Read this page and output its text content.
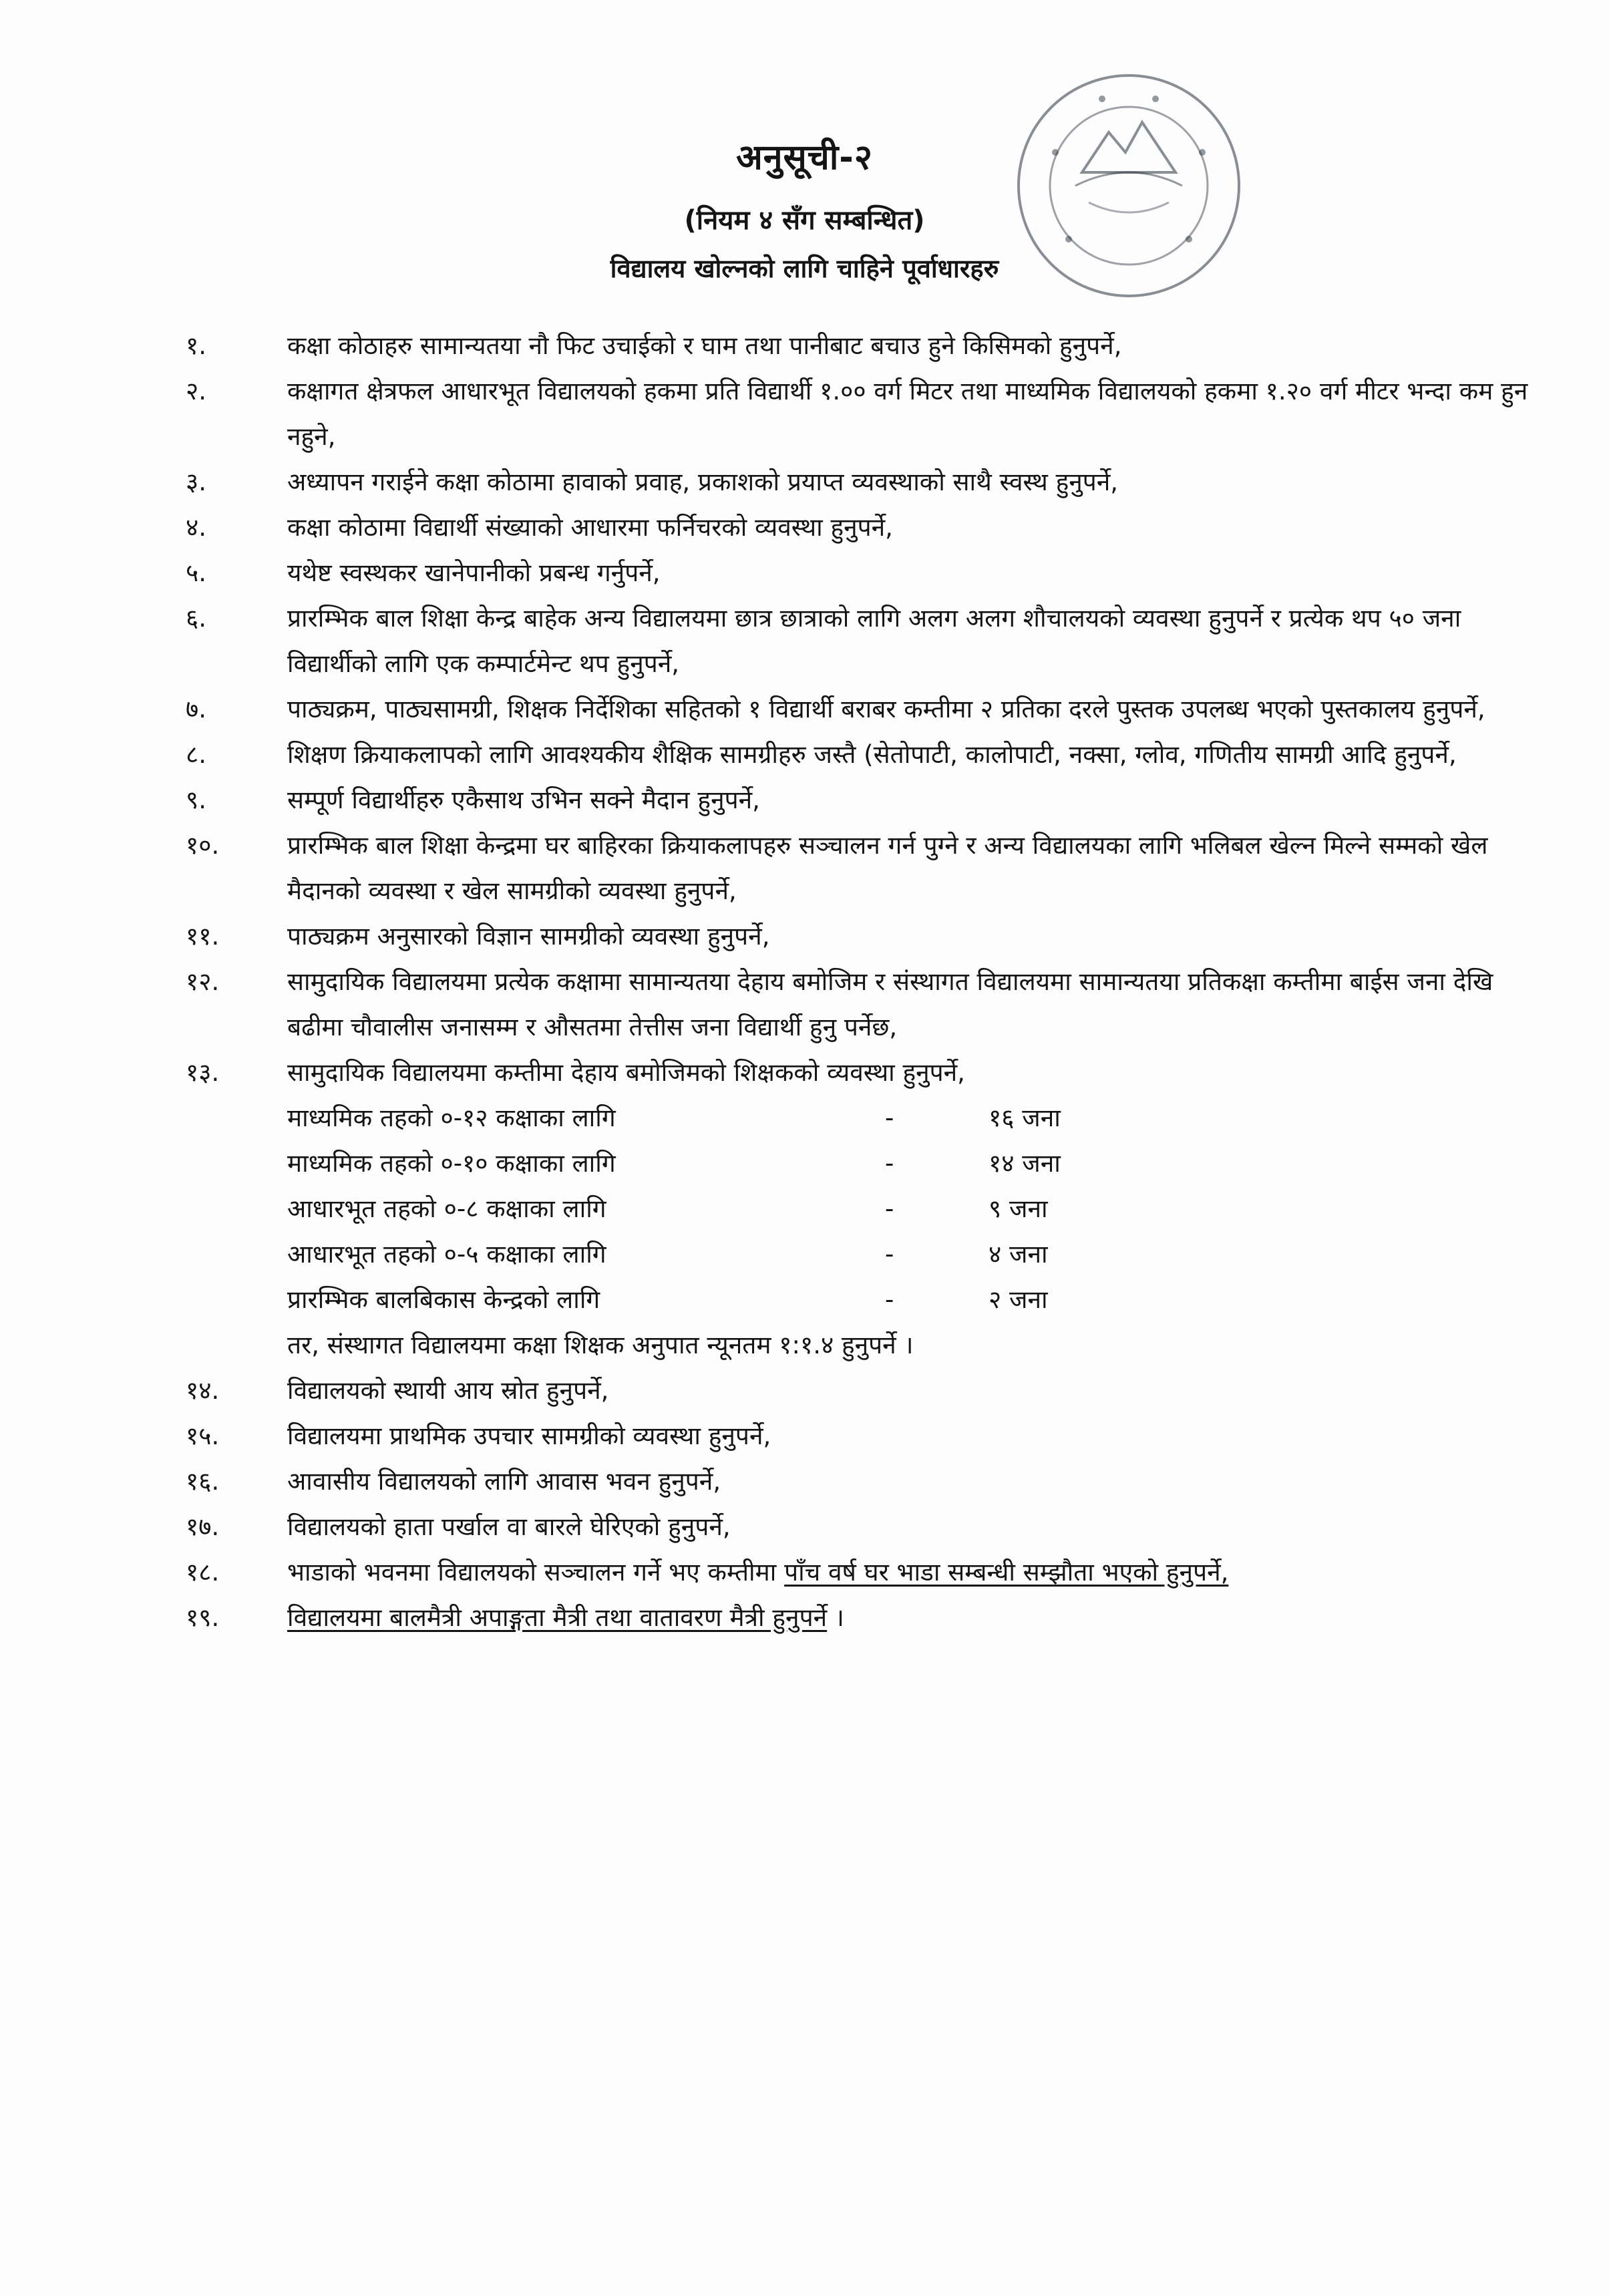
अनुसूची-२
(नियम ४ सँग सम्बन्धित)
विद्यालय खोल्नको लागि चाहिने पूर्वाधारहरु
१.	कक्षा कोठाहरु सामान्यतया नौ फिट उचाईको र घाम तथा पानीबाट बचाउ हुने किसिमको हुनुपर्ने,
२.	कक्षागत क्षेत्रफल आधारभूत विद्यालयको हकमा प्रति विद्यार्थी १.०० वर्ग मिटर तथा माध्यमिक विद्यालयको हकमा १.२० वर्ग मीटर भन्दा कम हुन नहुने,
३.	अध्यापन गराईने कक्षा कोठामा हावाको प्रवाह, प्रकाशको प्रयाप्त व्यवस्थाको साथै स्वस्थ हुनुपर्ने,
४.	कक्षा कोठामा विद्यार्थी संख्याको आधारमा फर्निचरको व्यवस्था हुनुपर्ने,
५.	यथेष्ट स्वस्थकर खानेपानीको प्रबन्ध गर्नुपर्ने,
६.	प्रारम्भिक बाल शिक्षा केन्द्र बाहेक अन्य विद्यालयमा छात्र छात्राको लागि अलग अलग शौचालयको व्यवस्था हुनुपर्ने र प्रत्येक थप ५० जना विद्यार्थीको लागि एक कम्पार्टमेन्ट थप हुनुपर्ने,
७.	पाठ्यक्रम, पाठ्यसामग्री, शिक्षक निर्देशिका सहितको १ विद्यार्थी बराबर कम्तीमा २ प्रतिका दरले पुस्तक उपलब्ध भएको पुस्तकालय हुनुपर्ने,
८.	शिक्षण क्रियाकलापको लागि आवश्यकीय शैक्षिक सामग्रीहरु जस्तै (सेतोपाटी, कालोपाटी, नक्सा, ग्लोव, गणितीय सामग्री आदि हुनुपर्ने,
९.	सम्पूर्ण विद्यार्थीहरु एकैसाथ उभिन सक्ने मैदान हुनुपर्ने,
१०.	प्रारम्भिक बाल शिक्षा केन्द्रमा घर बाहिरका क्रियाकलापहरु सञ्चालन गर्न पुग्ने र अन्य विद्यालयका लागि भलिबल खेल्न मिल्ने सम्मको खेल मैदानको व्यवस्था र खेल सामग्रीको व्यवस्था हुनुपर्ने,
११.	पाठ्यक्रम अनुसारको विज्ञान सामग्रीको व्यवस्था हुनुपर्ने,
१२.	सामुदायिक विद्यालयमा प्रत्येक कक्षामा सामान्यतया देहाय बमोजिम र संस्थागत विद्यालयमा सामान्यतया प्रतिकक्षा कम्तीमा बाईस जना देखि बढीमा चौवालीस जनासम्म र औसतमा तेत्तीस जना विद्यार्थी हुनु पर्नेछ,
१३.	सामुदायिक विद्यालयमा कम्तीमा देहाय बमोजिमको शिक्षकको व्यवस्था हुनुपर्ने,
माध्यमिक तहको ०-१२ कक्षाका लागि	-	१६ जना
माध्यमिक तहको ०-१० कक्षाका लागि	-	१४ जना
आधारभूत तहको ०-८ कक्षाका लागि	-	९ जना
आधारभूत तहको ०-५ कक्षाका लागि	-	४ जना
प्रारम्भिक बालबिकास केन्द्रको लागि	-	२ जना
तर, संस्थागत विद्यालयमा कक्षा शिक्षक अनुपात न्यूनतम १:१.४ हुनुपर्ने ।
१४.	विद्यालयको स्थायी आय स्रोत हुनुपर्ने,
१५.	विद्यालयमा प्राथमिक उपचार सामग्रीको व्यवस्था हुनुपर्ने,
१६.	आवासीय विद्यालयको लागि आवास भवन हुनुपर्ने,
१७.	विद्यालयको हाता पर्खाल वा बारले घेरिएको हुनुपर्ने,
१८.	भाडाको भवनमा विद्यालयको सञ्चालन गर्ने भए कम्तीमा पाँच वर्ष घर भाडा सम्बन्धी सम्झौता भएको हुनुपर्ने,
१९.	विद्यालयमा बालमैत्री अपाङ्गता मैत्री तथा वातावरण मैत्री हुनुपर्ने ।
